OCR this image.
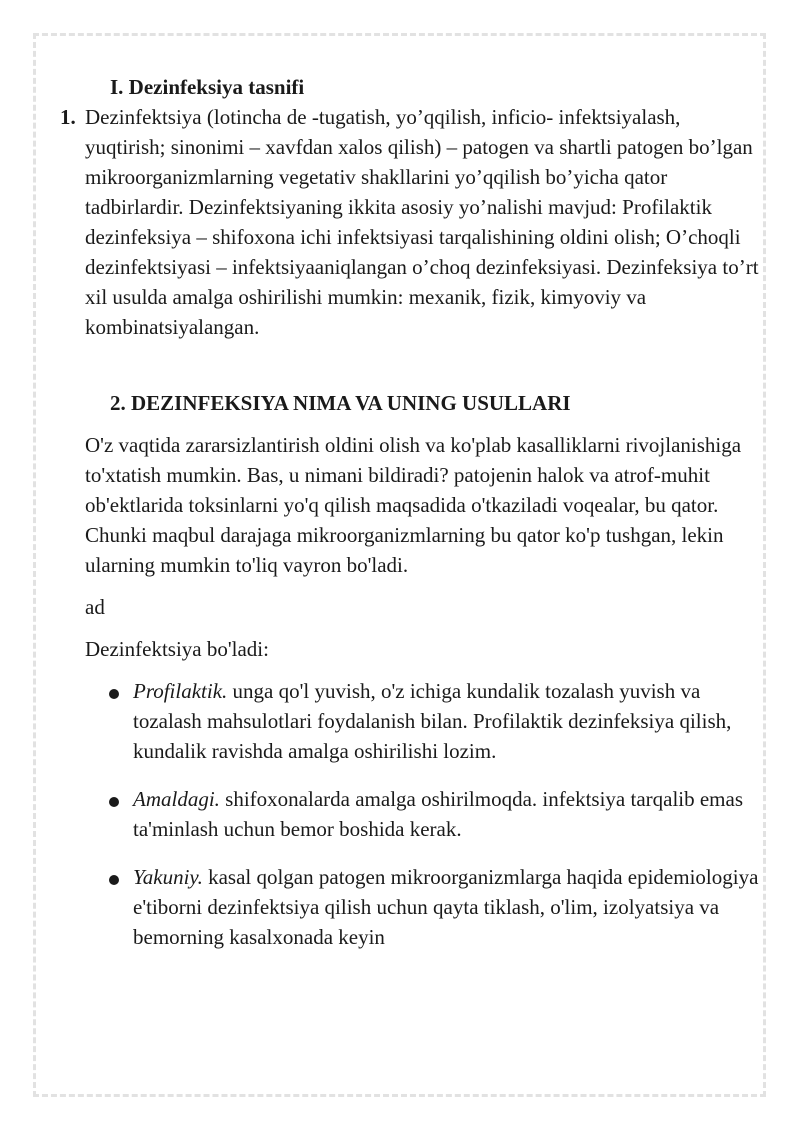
I. Dezinfeksiya tasnifi
1. Dezinfektsiya (lotincha de -tugatish, yo’qqilish, inficio- infektsiyalash, yuqtirish; sinonimi – xavfdan xalos qilish) – patogen va shartli patogen bo’lgan mikroorganizmlarning vegetativ shakllarini yo’qqilish bo’yicha qator tadbirlardir. Dezinfektsiyaning ikkita asosiy yo’nalishi mavjud: Profilaktik dezinfeksiya – shifoxona ichi infektsiyasi tarqalishining oldini olish; O’choqli dezinfektsiyasi – infektsiyaaniqlangan o’choq dezinfeksiyasi. Dezinfeksiya to’rt xil usulda amalga oshirilishi mumkin: mexanik, fizik, kimyoviy va kombinatsiyalangan.
2. DEZINFEKSIYA NIMA VA UNING USULLARI

O'z vaqtida zararsizlantirish oldini olish va ko'plab kasalliklarni rivojlanishiga to'xtatish mumkin. Bas, u nimani bildiradi? patojenin halok va atrof-muhit ob'ektlarida toksinlarni yo'q qilish maqsadida o'tkaziladi voqealar, bu qator. Chunki maqbul darajaga mikroorganizmlarning bu qator ko'p tushgan, lekin ularning mumkin to'liq vayron bo'ladi.

ad

Dezinfektsiya bo'ladi:

Profilaktik. unga qo'l yuvish, o'z ichiga kundalik tozalash yuvish va tozalash mahsulotlari foydalanish bilan. Profilaktik dezinfeksiya qilish, kundalik ravishda amalga oshirilishi lozim.
Amaldagi. shifoxonalarda amalga oshirilmoqda. infektsiya tarqalib emas ta'minlash uchun bemor boshida kerak.
Yakuniy. kasal qolgan patogen mikroorganizmlarga haqida epidemiologiya e'tiborni dezinfektsiya qilish uchun qayta tiklash, o'lim, izolyatsiya va bemorning kasalxonada keyin
